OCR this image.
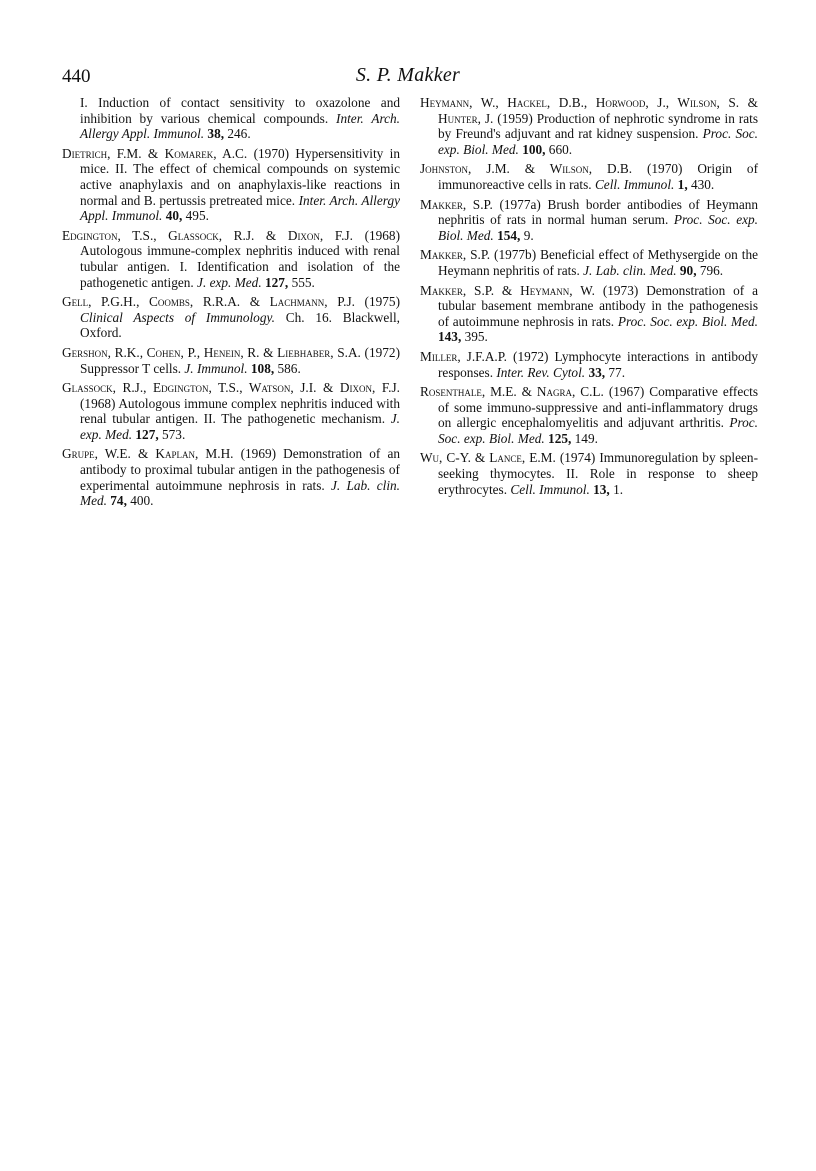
440	S. P. Makker

I. Induction of contact sensitivity to oxazolone and inhibition by various chemical compounds. Inter. Arch. Allergy Appl. Immunol. 38, 246.

Dietrich, F.M. & Komarek, A.C. (1970) Hypersensitivity in mice. II. The effect of chemical compounds on systemic active anaphylaxis and on anaphylaxis-like reactions in normal and B. pertussis pretreated mice. Inter. Arch. Allergy Appl. Immunol. 40, 495.

Edgington, T.S., Glassock, R.J. & Dixon, F.J. (1968) Autologous immune-complex nephritis induced with renal tubular antigen. I. Identification and isolation of the pathogenetic antigen. J. exp. Med. 127, 555.

Gell, P.G.H., Coombs, R.R.A. & Lachmann, P.J. (1975) Clinical Aspects of Immunology. Ch. 16. Blackwell, Oxford.

Gershon, R.K., Cohen, P., Henein, R. & Liebhaber, S.A. (1972) Suppressor T cells. J. Immunol. 108, 586.

Glassock, R.J., Edgington, T.S., Watson, J.I. & Dixon, F.J. (1968) Autologous immune complex nephritis induced with renal tubular antigen. II. The pathogenetic mechanism. J. exp. Med. 127, 573.

Grupe, W.E. & Kaplan, M.H. (1969) Demonstration of an antibody to proximal tubular antigen in the pathogenesis of experimental autoimmune nephrosis in rats. J. Lab. clin. Med. 74, 400.

Heymann, W., Hackel, D.B., Horwood, J., Wilson, S. & Hunter, J. (1959) Production of nephrotic syndrome in rats by Freund's adjuvant and rat kidney suspension. Proc. Soc. exp. Biol. Med. 100, 660.

Johnston, J.M. & Wilson, D.B. (1970) Origin of immunoreactive cells in rats. Cell. Immunol. 1, 430.

Makker, S.P. (1977a) Brush border antibodies of Heymann nephritis of rats in normal human serum. Proc. Soc. exp. Biol. Med. 154, 9.

Makker, S.P. (1977b) Beneficial effect of Methysergide on the Heymann nephritis of rats. J. Lab. clin. Med. 90, 796.

Makker, S.P. & Heymann, W. (1973) Demonstration of a tubular basement membrane antibody in the pathogenesis of autoimmune nephrosis in rats. Proc. Soc. exp. Biol. Med. 143, 395.

Miller, J.F.A.P. (1972) Lymphocyte interactions in antibody responses. Inter. Rev. Cytol. 33, 77.

Rosenthale, M.E. & Nagra, C.L. (1967) Comparative effects of some immuno-suppressive and anti-inflammatory drugs on allergic encephalomyelitis and adjuvant arthritis. Proc. Soc. exp. Biol. Med. 125, 149.

Wu, C-Y. & Lance, E.M. (1974) Immunoregulation by spleen-seeking thymocytes. II. Role in response to sheep erythrocytes. Cell. Immunol. 13, 1.
